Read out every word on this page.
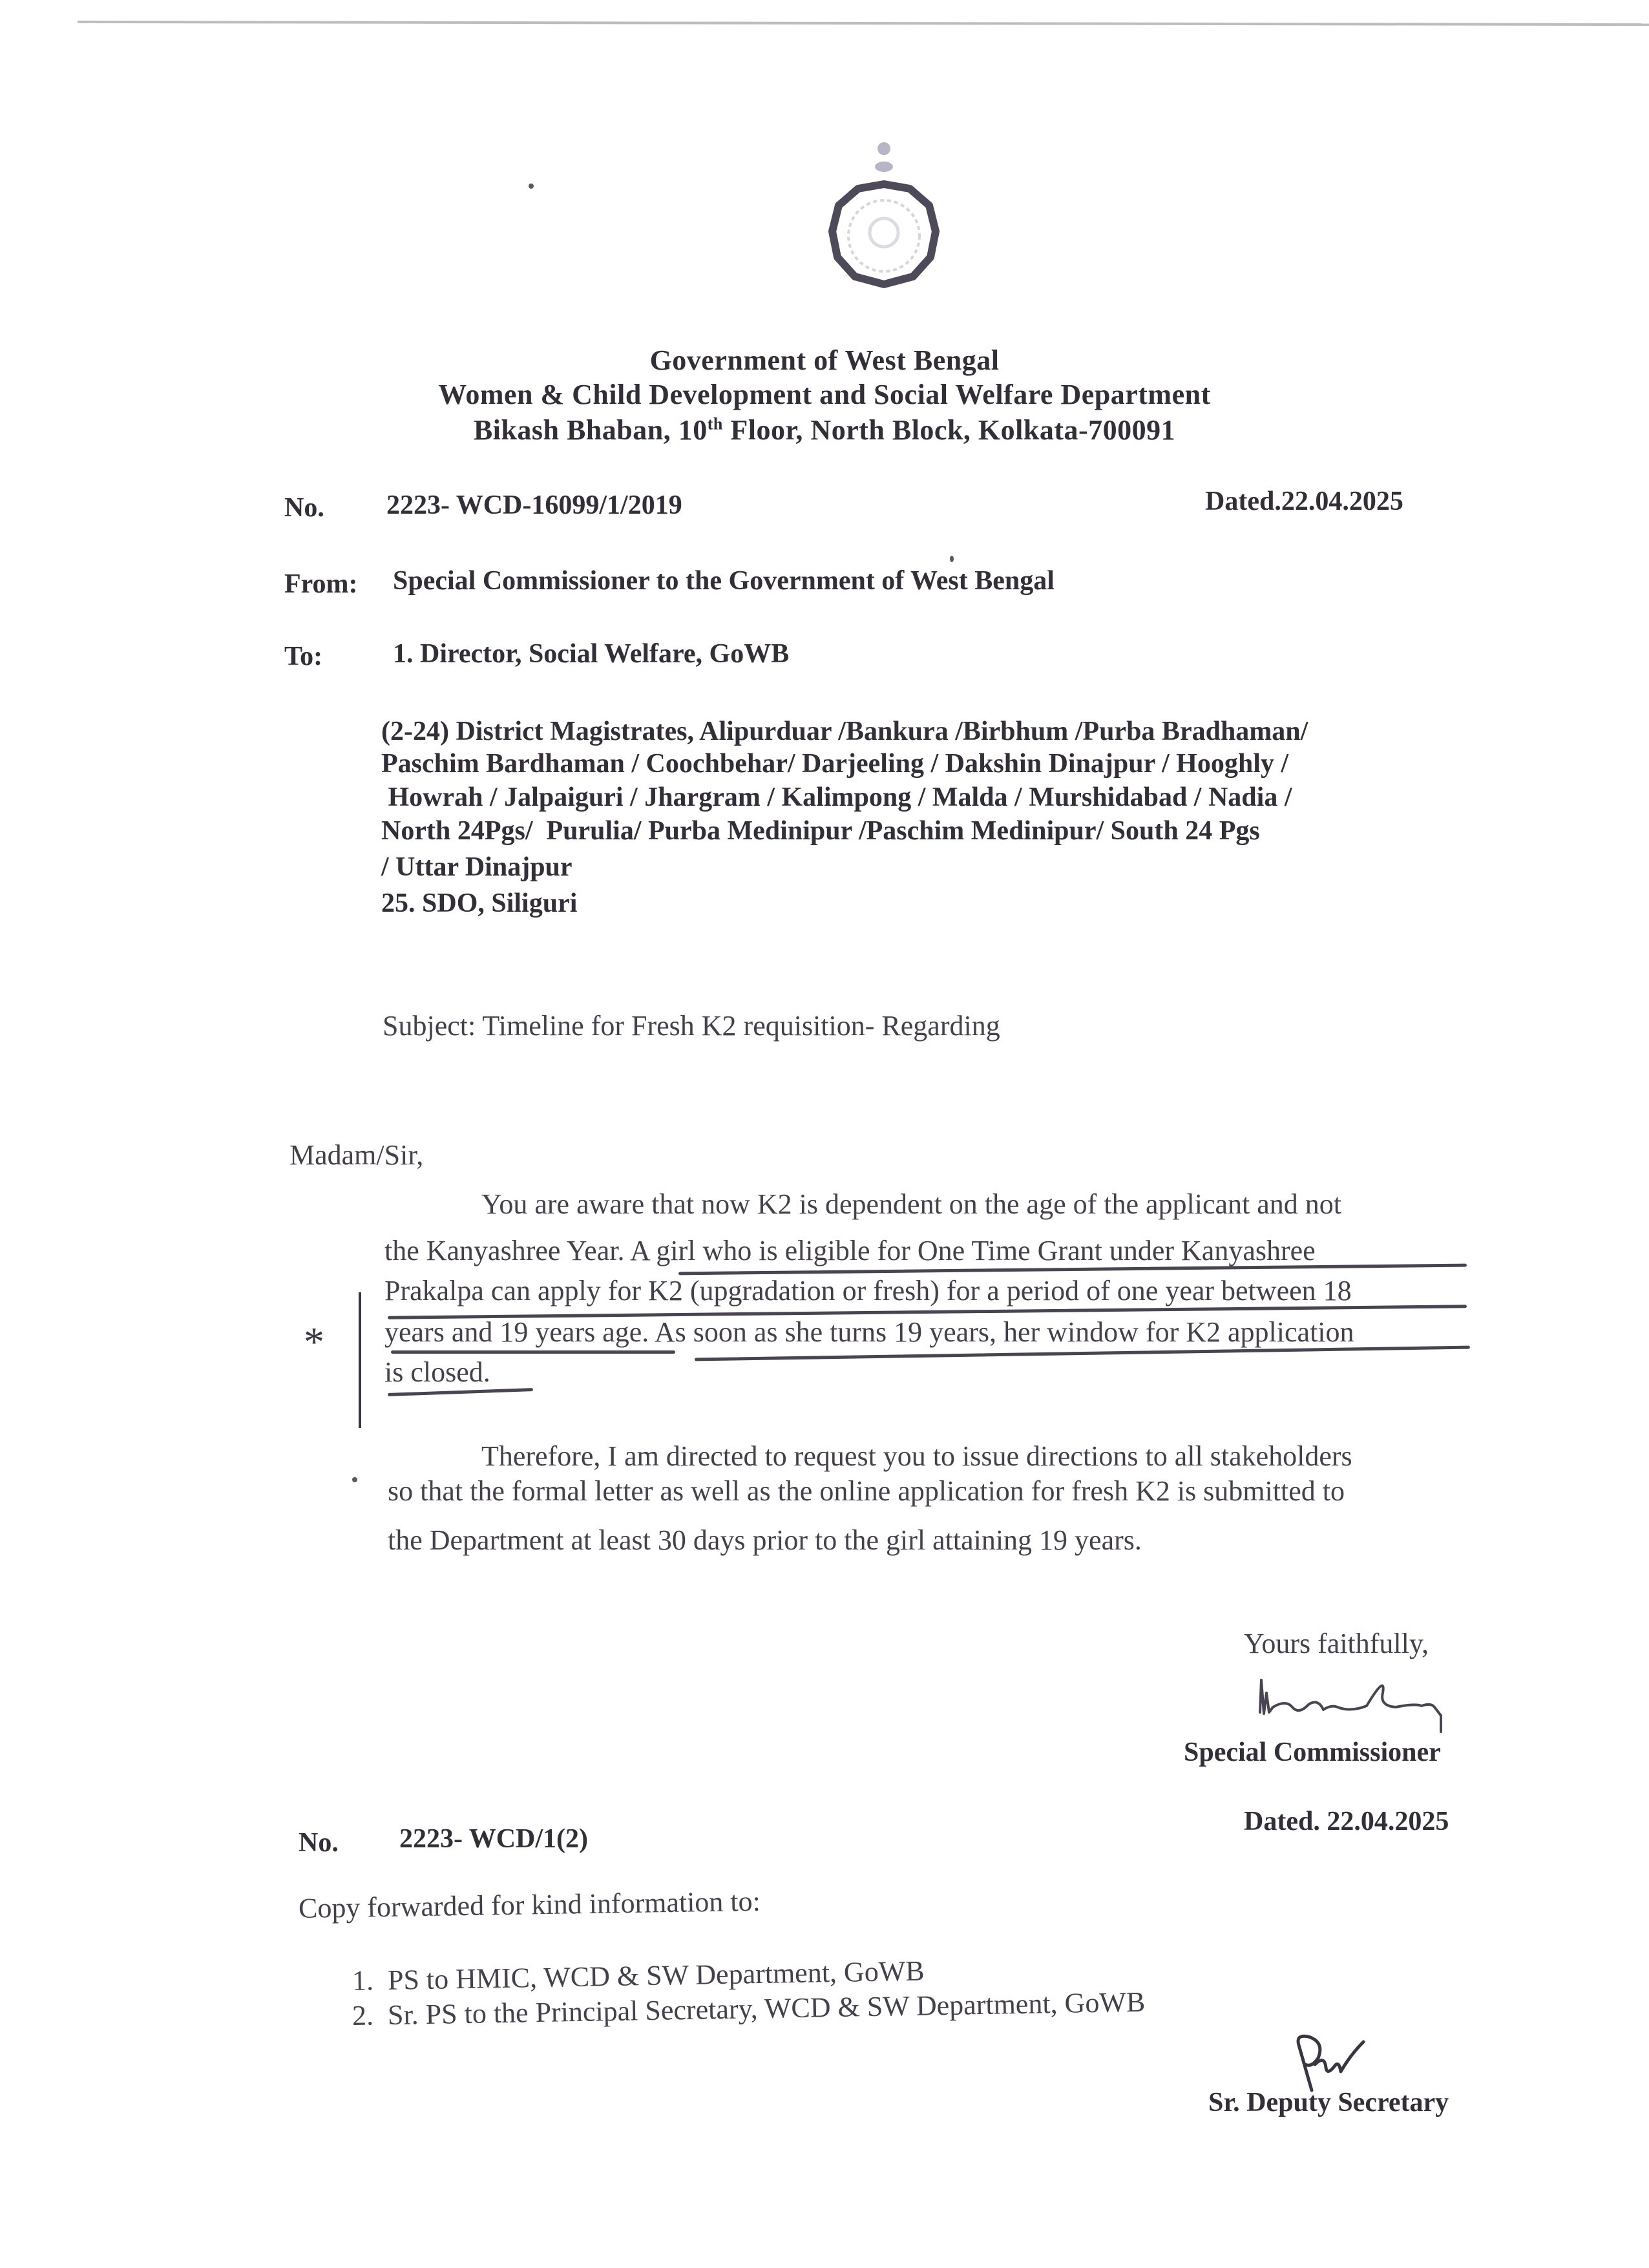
Government of West Bengal
Women & Child Development and Social Welfare Department
Bikash Bhaban, 10th Floor, North Block, Kolkata-700091
No. 2223- WCD-16099/1/2019	Dated.22.04.2025
From: Special Commissioner to the Government of West Bengal
To:	1. Director, Social Welfare, GoWB
(2-24) District Magistrates, Alipurduar /Bankura /Birbhum /Purba Bradhaman/
Paschim Bardhaman / Coochbehar/ Darjeeling / Dakshin Dinajpur / Hooghly /
Howrah / Jalpaiguri / Jhargram / Kalimpong / Malda / Murshidabad / Nadia /
North 24Pgs/  Purulia/ Purba Medinipur /Paschim Medinipur/ South 24 Pgs
/ Uttar Dinajpur
25. SDO, Siliguri
Subject: Timeline for Fresh K2 requisition- Regarding
Madam/Sir,
You are aware that now K2 is dependent on the age of the applicant and not
the Kanyashree Year. A girl who is eligible for One Time Grant under Kanyashree
Prakalpa can apply for K2 (upgradation or fresh) for a period of one year between 18
years and 19 years age. As soon as she turns 19 years, her window for K2 application
is closed.
*
Therefore, I am directed to request you to issue directions to all stakeholders
so that the formal letter as well as the online application for fresh K2 is submitted to
the Department at least 30 days prior to the girl attaining 19 years.
Yours faithfully,
Special Commissioner
Dated. 22.04.2025
No. 2223- WCD/1(2)
Copy forwarded for kind information to:
1. PS to HMIC, WCD & SW Department, GoWB
2. Sr. PS to the Principal Secretary, WCD & SW Department, GoWB
Sr. Deputy Secretary
